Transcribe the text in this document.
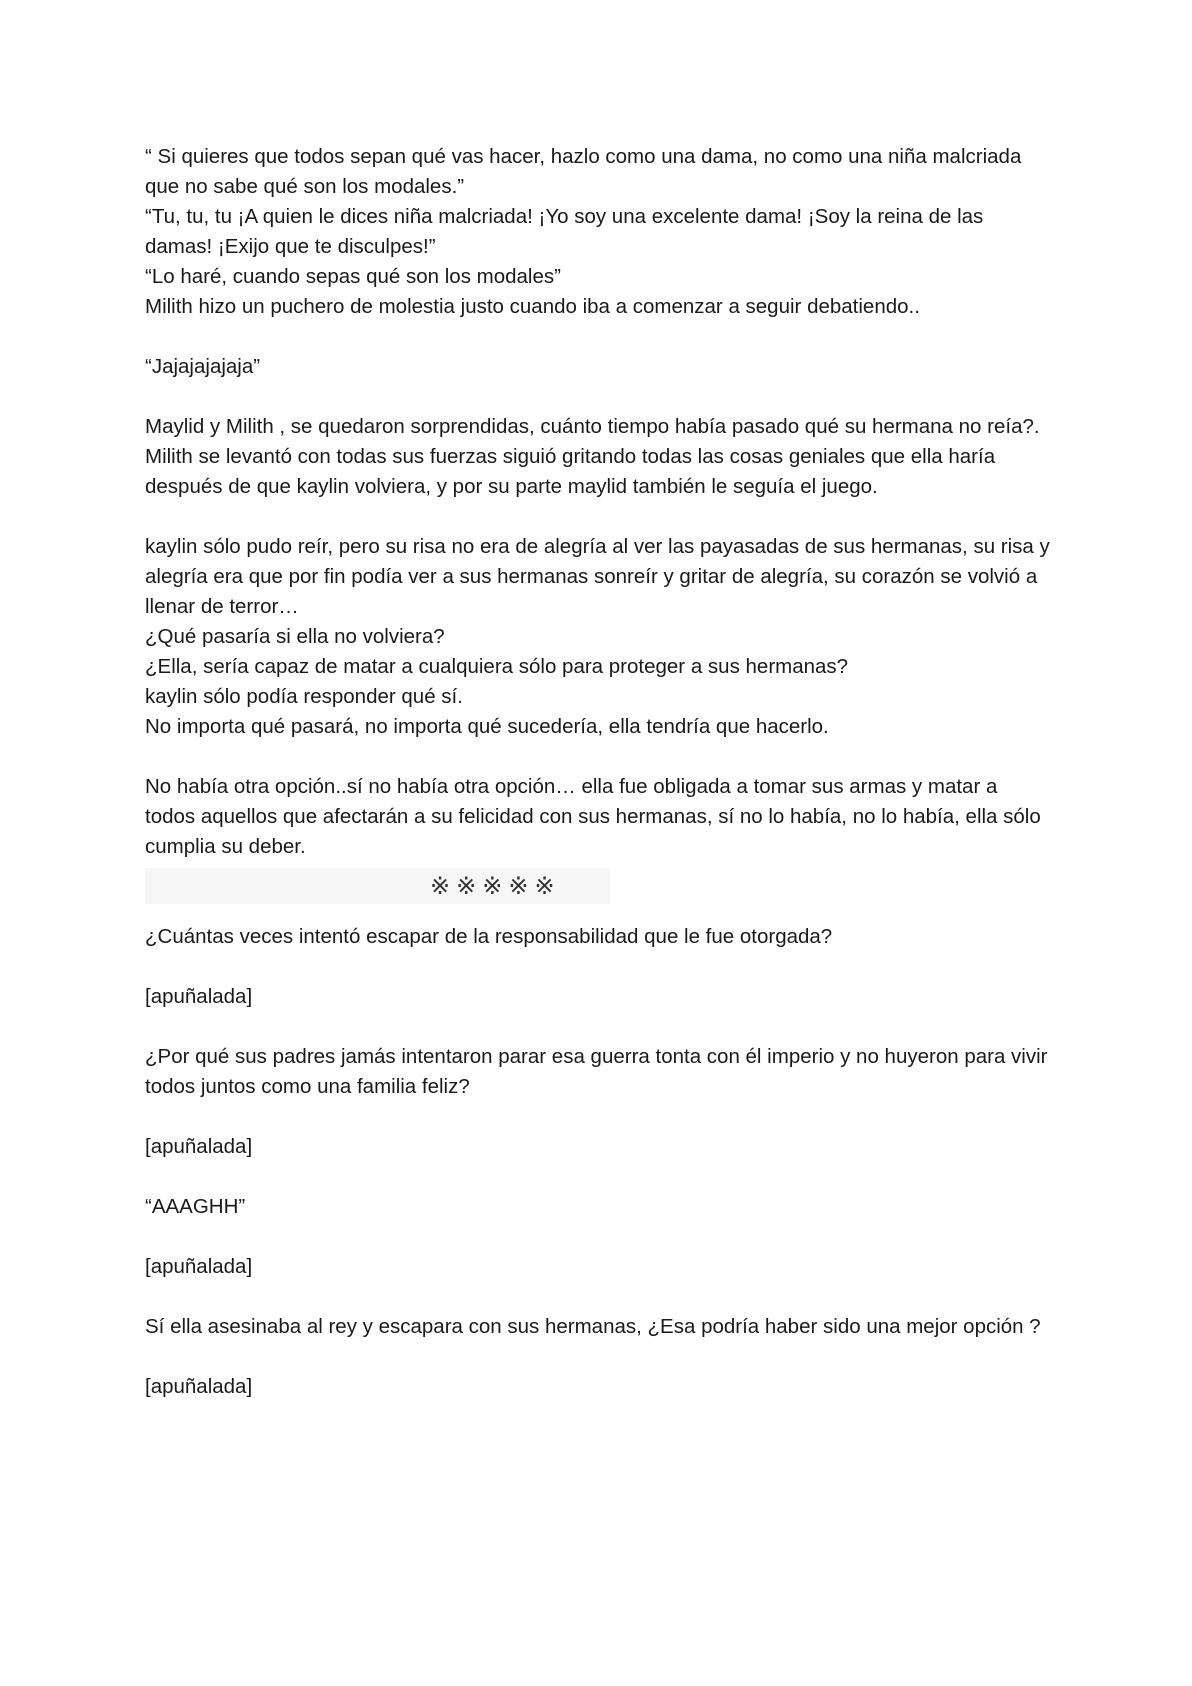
“ Si quieres que todos sepan qué vas hacer, hazlo como una dama, no como una niña malcriada que no sabe qué son los modales.”

“Tu, tu, tu ¡A quien le dices niña malcriada! ¡Yo soy una excelente dama! ¡Soy la reina de las damas! ¡Exijo que te disculpes!”

“Lo haré, cuando sepas qué son los modales”

Milith hizo un puchero de molestia justo cuando iba a comenzar a seguir debatiendo..

“Jajajajajaja”

Maylid y Milith , se quedaron sorprendidas, cuánto tiempo había pasado qué su hermana no reía?.

Milith se levantó con todas sus fuerzas siguió gritando todas las cosas geniales que ella haría después de que kaylin volviera, y por su parte maylid también le seguía el juego.

kaylin sólo pudo reír, pero su risa no era de alegría al ver las payasadas de sus hermanas, su risa y alegría era que por fin podía ver a sus hermanas sonreír y gritar de alegría, su corazón se volvió a llenar de terror…

¿Qué pasaría si ella no volviera?

¿Ella, sería capaz de matar a cualquiera sólo para proteger a sus hermanas?

kaylin sólo podía responder qué sí.

No importa qué pasará, no importa qué sucedería, ella tendría que hacerlo.

No había otra opción..sí no había otra opción… ella fue obligada a tomar sus armas y matar a todos aquellos que afectarán a su felicidad con sus hermanas, sí no lo había, no lo había, ella sólo cumplia su deber.

※※※※※

¿Cuántas veces intentó escapar de la responsabilidad que le fue otorgada?

[apuñalada]

¿Por qué sus padres jamás intentaron parar esa guerra tonta con él imperio y no huyeron para vivir todos juntos como una familia feliz?

[apuñalada]

“AAAGHH”

[apuñalada]

Sí ella asesinaba al rey y escapara con sus hermanas, ¿Esa podría haber sido una mejor opción ?

[apuñalada]
